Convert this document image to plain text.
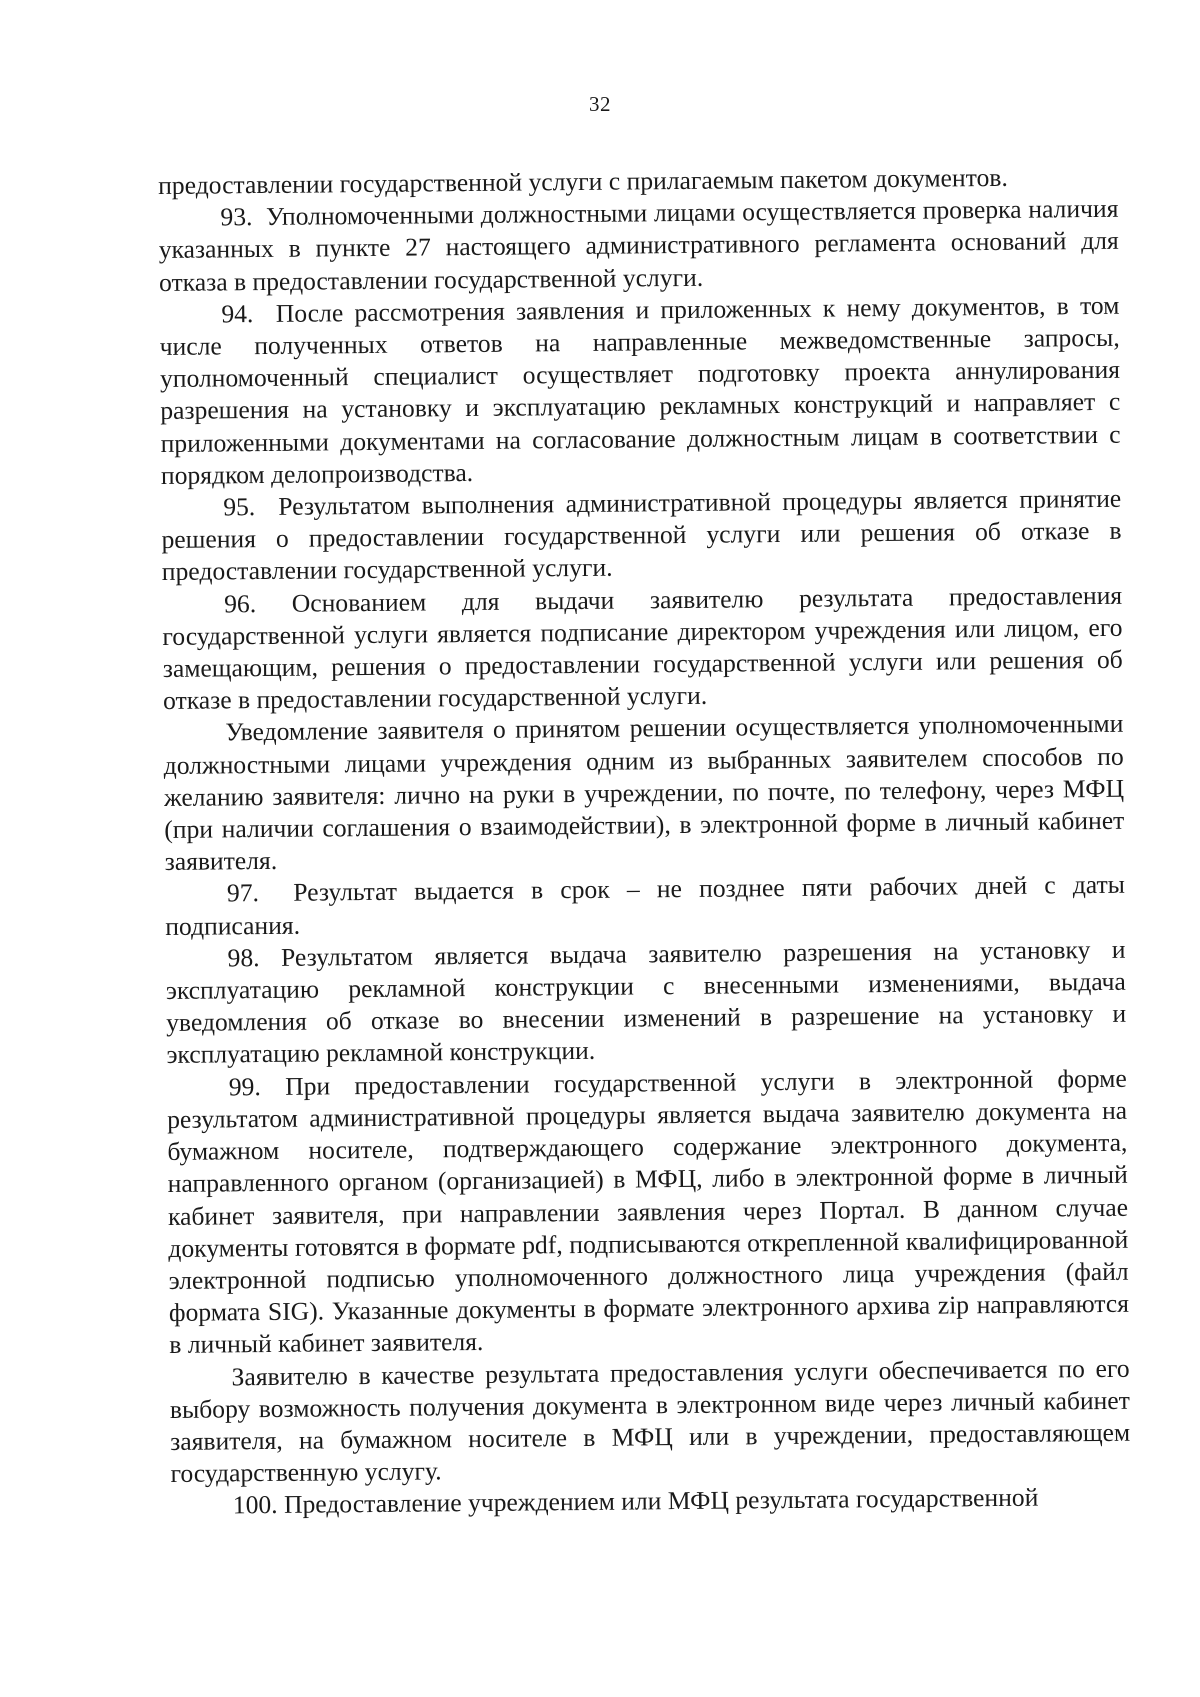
32

предоставлении государственной услуги с прилагаемым пакетом документов.

93.  Уполномоченными должностными лицами осуществляется проверка наличия указанных в пункте 27 настоящего административного регламента оснований для отказа в предоставлении государственной услуги.

94.  После рассмотрения заявления и приложенных к нему документов, в том числе полученных ответов на направленные межведомственные запросы, уполномоченный специалист осуществляет подготовку проекта аннулирования разрешения на установку и эксплуатацию рекламных конструкций и направляет с приложенными документами на согласование должностным лицам в соответствии с порядком делопроизводства.

95.  Результатом выполнения административной процедуры является принятие решения о предоставлении государственной услуги или решения об отказе в предоставлении государственной услуги.

96. Основанием для выдачи заявителю результата предоставления государственной услуги является подписание директором учреждения или лицом, его замещающим, решения о предоставлении государственной услуги или решения об отказе в предоставлении государственной услуги.

Уведомление заявителя о принятом решении осуществляется уполномоченными должностными лицами учреждения одним из выбранных заявителем способов по желанию заявителя: лично на руки в учреждении, по почте, по телефону, через МФЦ (при наличии соглашения о взаимодействии), в электронной форме в личный кабинет заявителя.

97.  Результат выдается в срок – не позднее пяти рабочих дней с даты подписания.

98. Результатом является выдача заявителю разрешения на установку и эксплуатацию рекламной конструкции с внесенными изменениями, выдача уведомления об отказе во внесении изменений в разрешение на установку и эксплуатацию рекламной конструкции.

99. При предоставлении государственной услуги в электронной форме результатом административной процедуры является выдача заявителю документа на бумажном носителе, подтверждающего содержание электронного документа, направленного органом (организацией) в МФЦ, либо в электронной форме в личный кабинет заявителя, при направлении заявления через Портал. В данном случае документы готовятся в формате pdf, подписываются открепленной квалифицированной электронной подписью уполномоченного должностного лица учреждения (файл формата SIG). Указанные документы в формате электронного архива zip направляются в личный кабинет заявителя.

Заявителю в качестве результата предоставления услуги обеспечивается по его выбору возможность получения документа в электронном виде через личный кабинет заявителя, на бумажном носителе в МФЦ или в учреждении, предоставляющем государственную услугу.

100. Предоставление учреждением или МФЦ результата государственной
